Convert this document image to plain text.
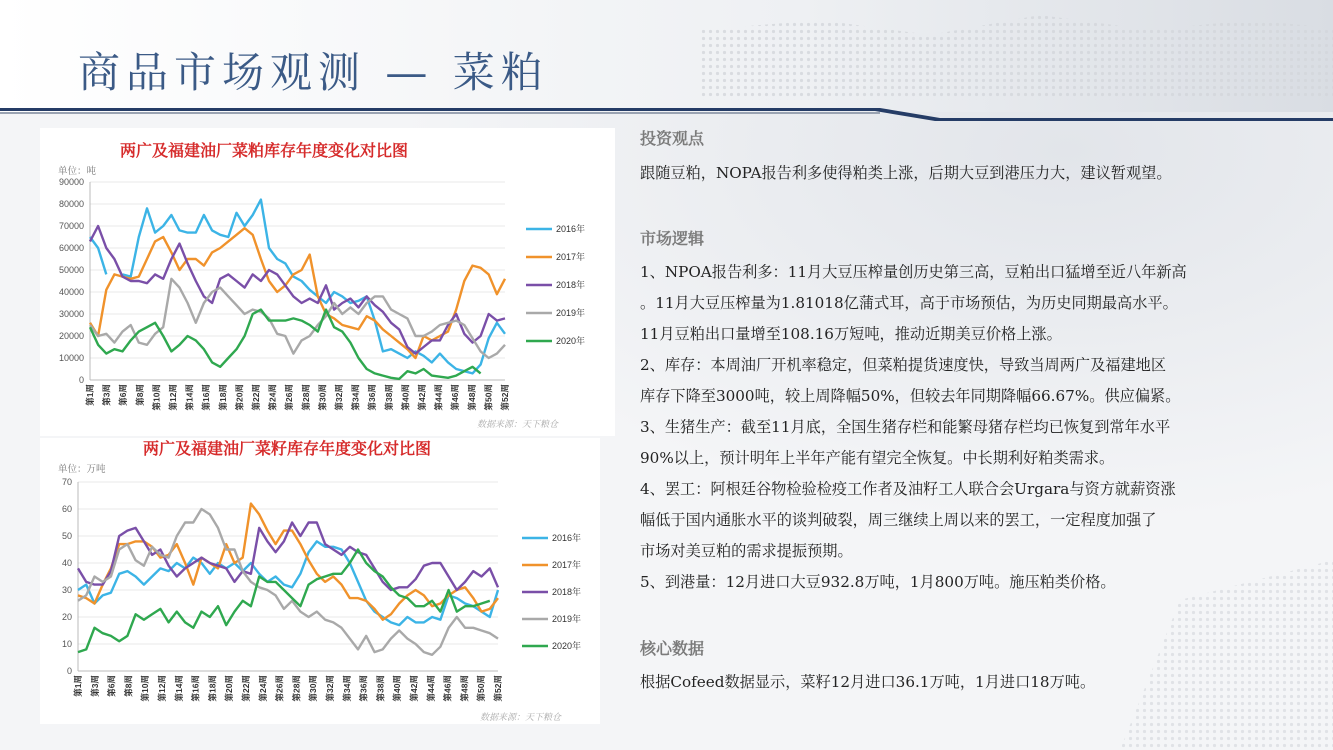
商品市场观测 — 菜粕
两广及福建油厂菜粕库存年度变化对比图
单位：吨
0
10000
20000
30000
40000
50000
60000
70000
80000
90000
第1周 第3周 第6周 第8周 第10周 第12周 第14周 第16周 第18周 第20周 第22周 第24周 第26周 第28周 第30周 第32周 第34周 第36周 第38周 第40周 第42周 第44周 第46周 第48周 第50周 第52周
2016年
2017年
2018年
2019年
2020年
数据来源：天下粮仓
两广及福建油厂菜籽库存年度变化对比图
单位：万吨
0
10
20
30
40
50
60
70
第1周 第3周 第6周 第8周 第10周 第12周 第14周 第16周 第18周 第20周 第22周 第24周 第26周 第28周 第30周 第32周 第34周 第36周 第38周 第40周 第42周 第44周 第46周 第48周 第50周 第52周
2016年
2017年
2018年
2019年
2020年
数据来源：天下粮仓
投资观点
跟随豆粕，NOPA报告利多使得粕类上涨，后期大豆到港压力大，建议暂观望。
市场逻辑
1、NPOA报告利多：11月大豆压榨量创历史第三高，豆粕出口猛增至近八年新高
。11月大豆压榨量为1.81018亿蒲式耳，高于市场预估，为历史同期最高水平。
11月豆粕出口量增至108.16万短吨，推动近期美豆价格上涨。
2、库存：本周油厂开机率稳定，但菜粕提货速度快，导致当周两广及福建地区
库存下降至3000吨，较上周降幅50%，但较去年同期降幅66.67%。供应偏紧。
3、生猪生产：截至11月底，全国生猪存栏和能繁母猪存栏均已恢复到常年水平
90%以上，预计明年上半年产能有望完全恢复。中长期利好粕类需求。
4、罢工：阿根廷谷物检验检疫工作者及油籽工人联合会Urgara与资方就薪资涨
幅低于国内通胀水平的谈判破裂，周三继续上周以来的罢工，一定程度加强了
市场对美豆粕的需求提振预期。
5、到港量：12月进口大豆932.8万吨，1月800万吨。施压粕类价格。
核心数据
根据Cofeed数据显示，菜籽12月进口36.1万吨，1月进口18万吨。
